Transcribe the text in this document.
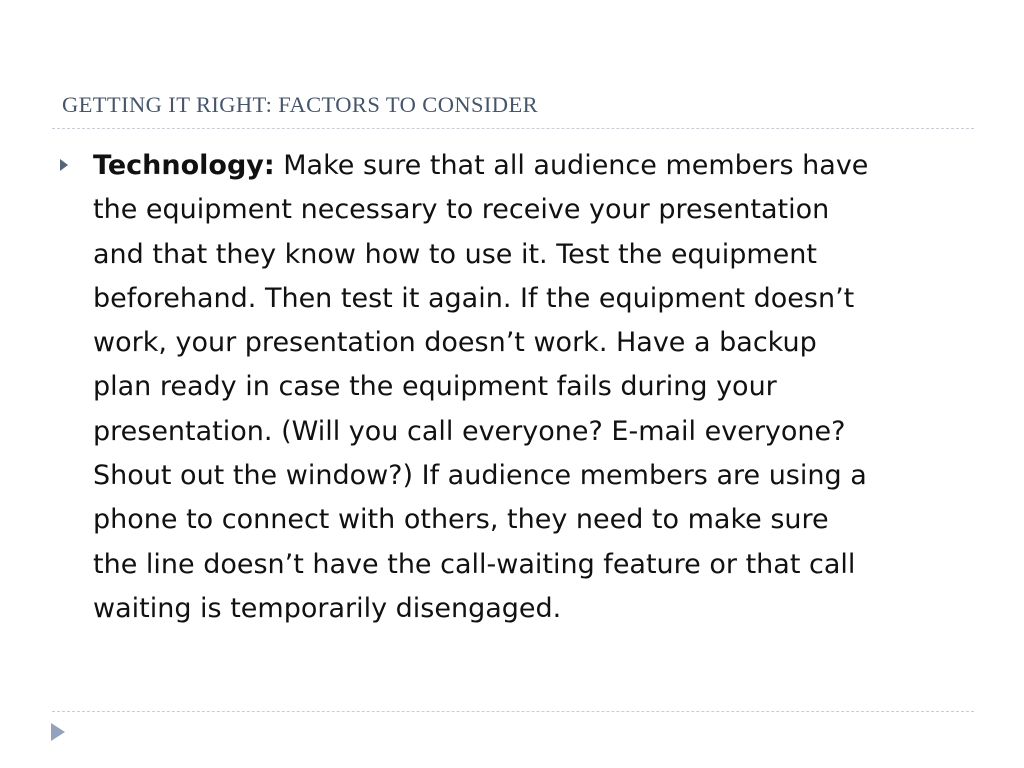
GETTING IT RIGHT: FACTORS TO CONSIDER
Technology: Make sure that all audience members have
the equipment necessary to receive your presentation
and that they know how to use it. Test the equipment
beforehand. Then test it again. If the equipment doesn’t
work, your presentation doesn’t work. Have a backup
plan ready in case the equipment fails during your
presentation. (Will you call everyone? E-mail everyone?
Shout out the window?) If audience members are using a
phone to connect with others, they need to make sure
the line doesn’t have the call-waiting feature or that call
waiting is temporarily disengaged.
